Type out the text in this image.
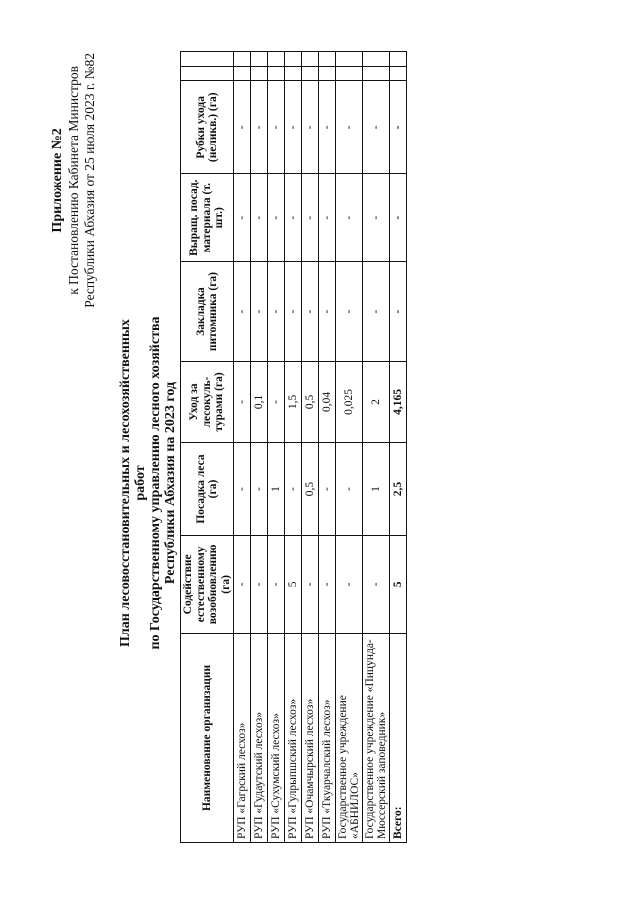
Приложение №2 к Постановлению Кабинета Министров Республики Абхазия от 25 июля 2023 г. №82
План лесовосстановительных и лесохозяйственных работ по Государственному управлению лесного хозяйства Республики Абхазия на 2023 год
Наименование организации	Содействие естественному возобновлению (га)	Посадка леса (га)	Уход за лесокуль-турами (га)	Закладка питомника (га)	Выращ. посад. материала (т. шт.)	Рубки ухода (неликв.) (га)		
РУП «Гагрский лесхоз»	-	-	-	-	-	-		
РУП «Гудаутский лесхоз»	-	-	0,1	-	-	-		
РУП «Сухумский лесхоз»	-	1	-	-	-	-		
РУП «Гулрыпшский лесхоз»	5	-	1,5	-	-	-		
РУП «Очамчырский лесхоз»	-	0,5	0,5	-	-	-		
РУП «Ткуарчалский лесхоз»	-	-	0,04	-	-	-		
Государственное учреждение «АБНИЛОС»	-	-	0,025	-	-	-		
Государственное учреждение «Пицунда-Мюссерский заповедник»	-	1	2	-	-	-		
Всего:	5	2,5	4,165	-	-	-		
